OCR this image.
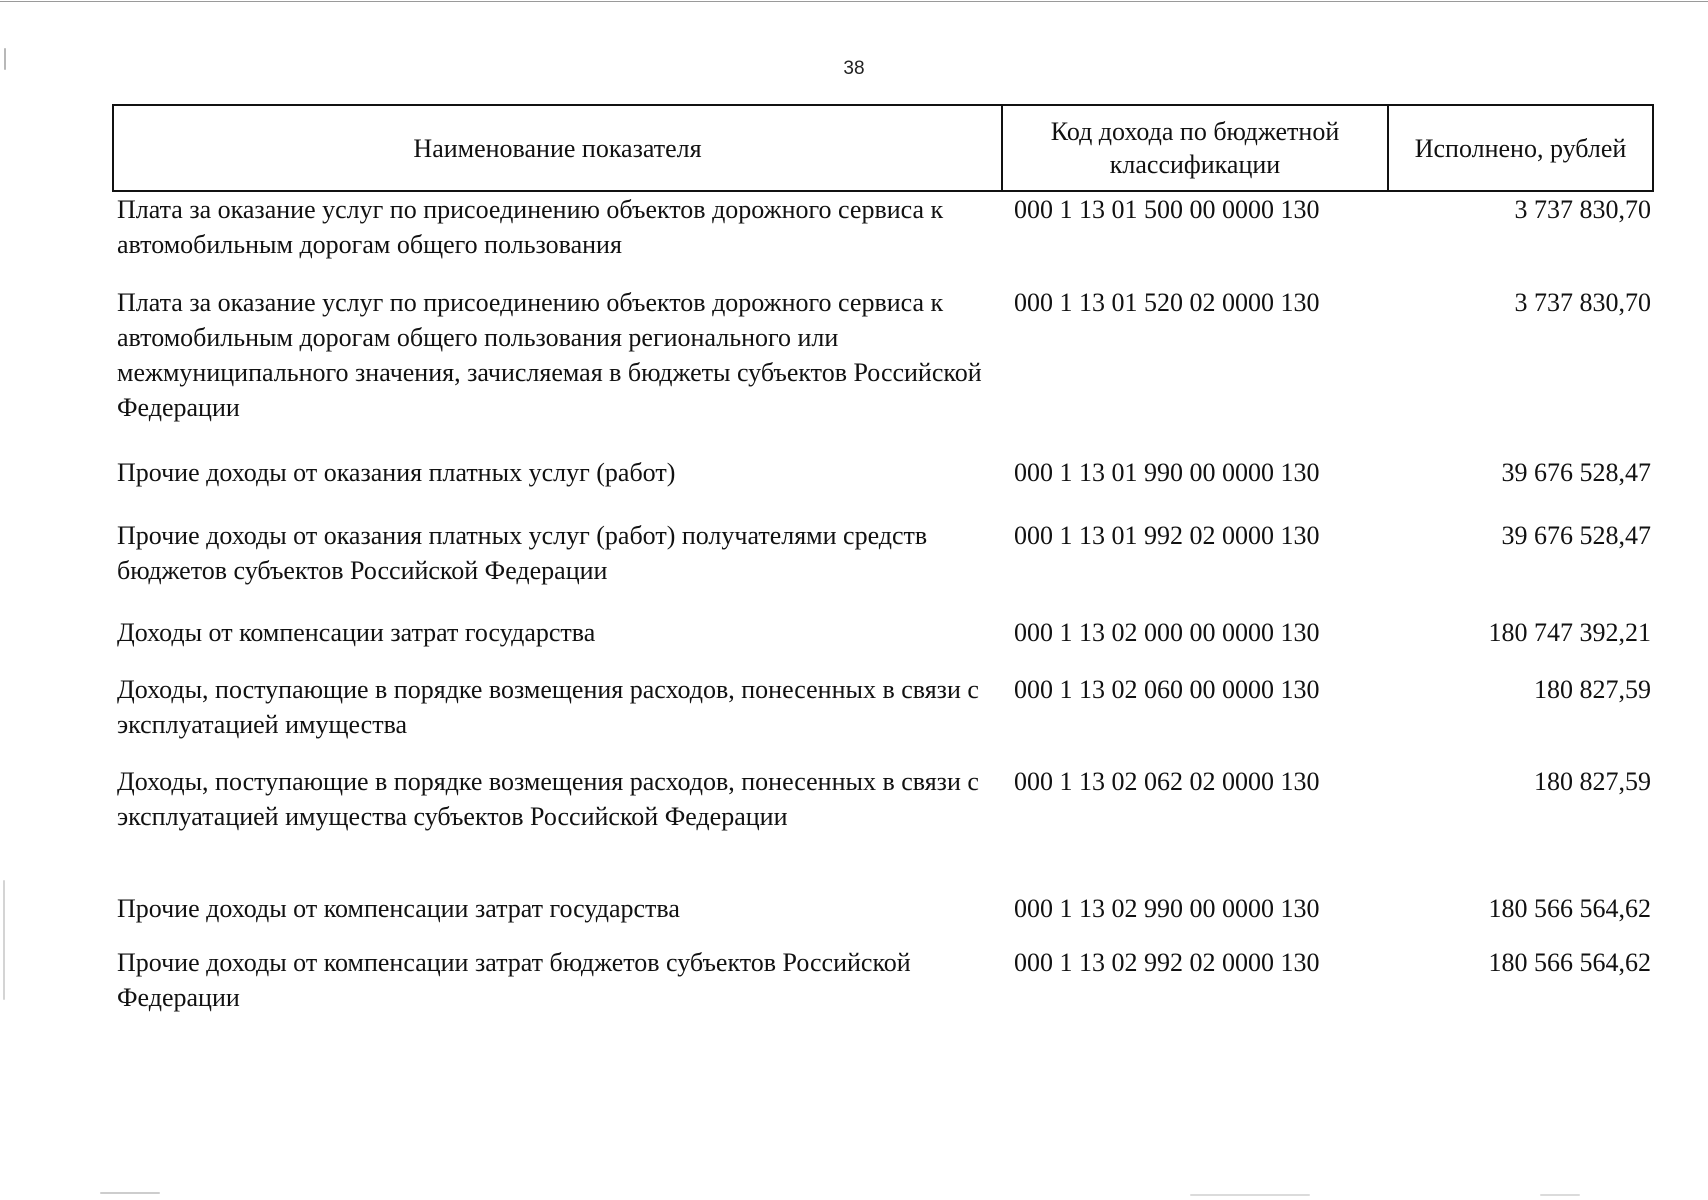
38
Наименование показателя	Код дохода по бюджетной классификации	Исполнено, рублей
Плата за оказание услуг по присоединению объектов дорожного сервиса к автомобильным дорогам общего пользования	000 1 13 01 500 00 0000 130	3 737 830,70
Плата за оказание услуг по присоединению объектов дорожного сервиса к автомобильным дорогам общего пользования регионального или межмуниципального значения, зачисляемая в бюджеты субъектов Российской Федерации	000 1 13 01 520 02 0000 130	3 737 830,70
Прочие доходы от оказания платных услуг (работ)	000 1 13 01 990 00 0000 130	39 676 528,47
Прочие доходы от оказания платных услуг (работ) получателями средств бюджетов субъектов Российской Федерации	000 1 13 01 992 02 0000 130	39 676 528,47
Доходы от компенсации затрат государства	000 1 13 02 000 00 0000 130	180 747 392,21
Доходы, поступающие в порядке возмещения расходов, понесенных в связи с эксплуатацией имущества	000 1 13 02 060 00 0000 130	180 827,59
Доходы, поступающие в порядке возмещения расходов, понесенных в связи с эксплуатацией имущества субъектов Российской Федерации	000 1 13 02 062 02 0000 130	180 827,59
Прочие доходы от компенсации затрат государства	000 1 13 02 990 00 0000 130	180 566 564,62
Прочие доходы от компенсации затрат бюджетов субъектов Российской Федерации	000 1 13 02 992 02 0000 130	180 566 564,62
